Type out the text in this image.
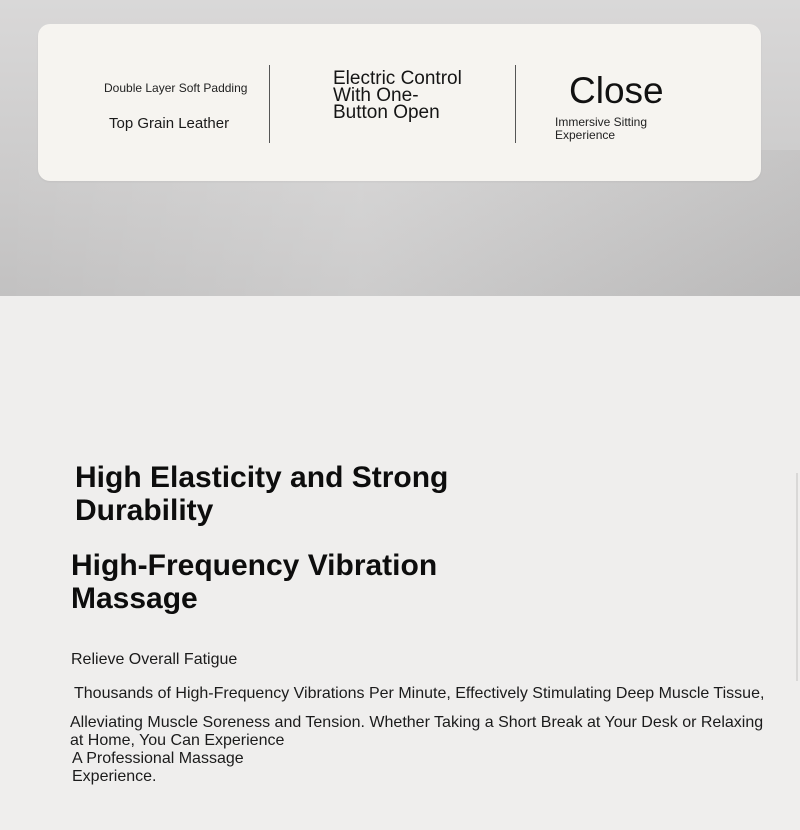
Double Layer Soft Padding
Top Grain Leather
Electric Control With One-Button Open
Close
Immersive Sitting Experience
High Elasticity and Strong Durability
High-Frequency Vibration Massage
Relieve Overall Fatigue
Thousands of High-Frequency Vibrations Per Minute, Effectively Stimulating Deep Muscle Tissue,
Alleviating Muscle Soreness and Tension. Whether Taking a Short Break at Your Desk or Relaxing at Home, You Can Experience
A Professional Massage Experience.
